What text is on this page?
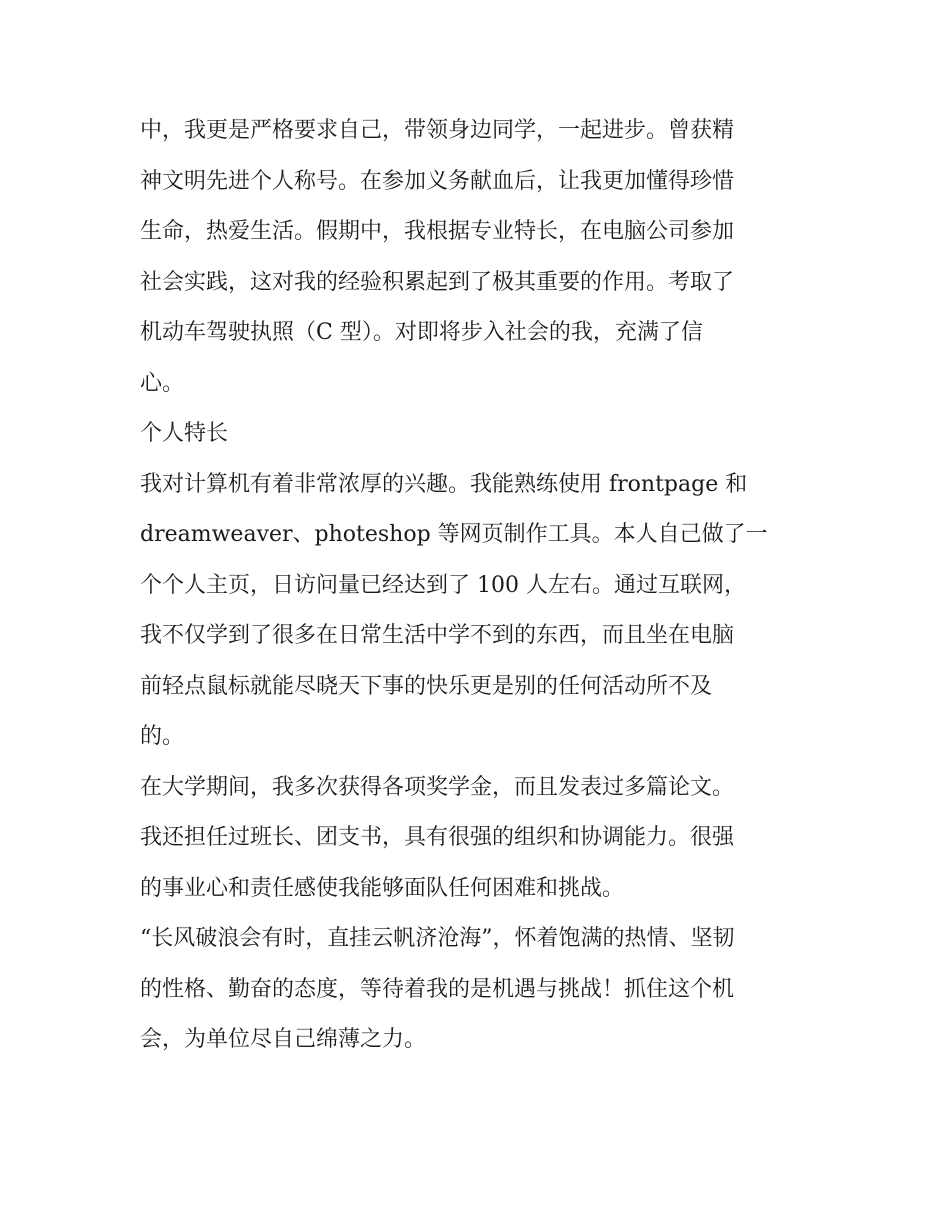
中，我更是严格要求自己，带领身边同学，一起进步。曾获精
神文明先进个人称号。在参加义务献血后，让我更加懂得珍惜
生命，热爱生活。假期中，我根据专业特长，在电脑公司参加
社会实践，这对我的经验积累起到了极其重要的作用。考取了
机动车驾驶执照（C 型）。对即将步入社会的我，充满了信
心。

个人特长

我对计算机有着非常浓厚的兴趣。我能熟练使用 frontpage 和
dreamweaver、photeshop 等网页制作工具。本人自己做了一
个个人主页，日访问量已经达到了 100 人左右。通过互联网，
我不仅学到了很多在日常生活中学不到的东西，而且坐在电脑
前轻点鼠标就能尽晓天下事的快乐更是别的任何活动所不及
的。

在大学期间，我多次获得各项奖学金，而且发表过多篇论文。
我还担任过班长、团支书，具有很强的组织和协调能力。很强
的事业心和责任感使我能够面队任何困难和挑战。

“长风破浪会有时，直挂云帆济沧海”，怀着饱满的热情、坚韧
的性格、勤奋的态度，等待着我的是机遇与挑战！抓住这个机
会，为单位尽自己绵薄之力。
